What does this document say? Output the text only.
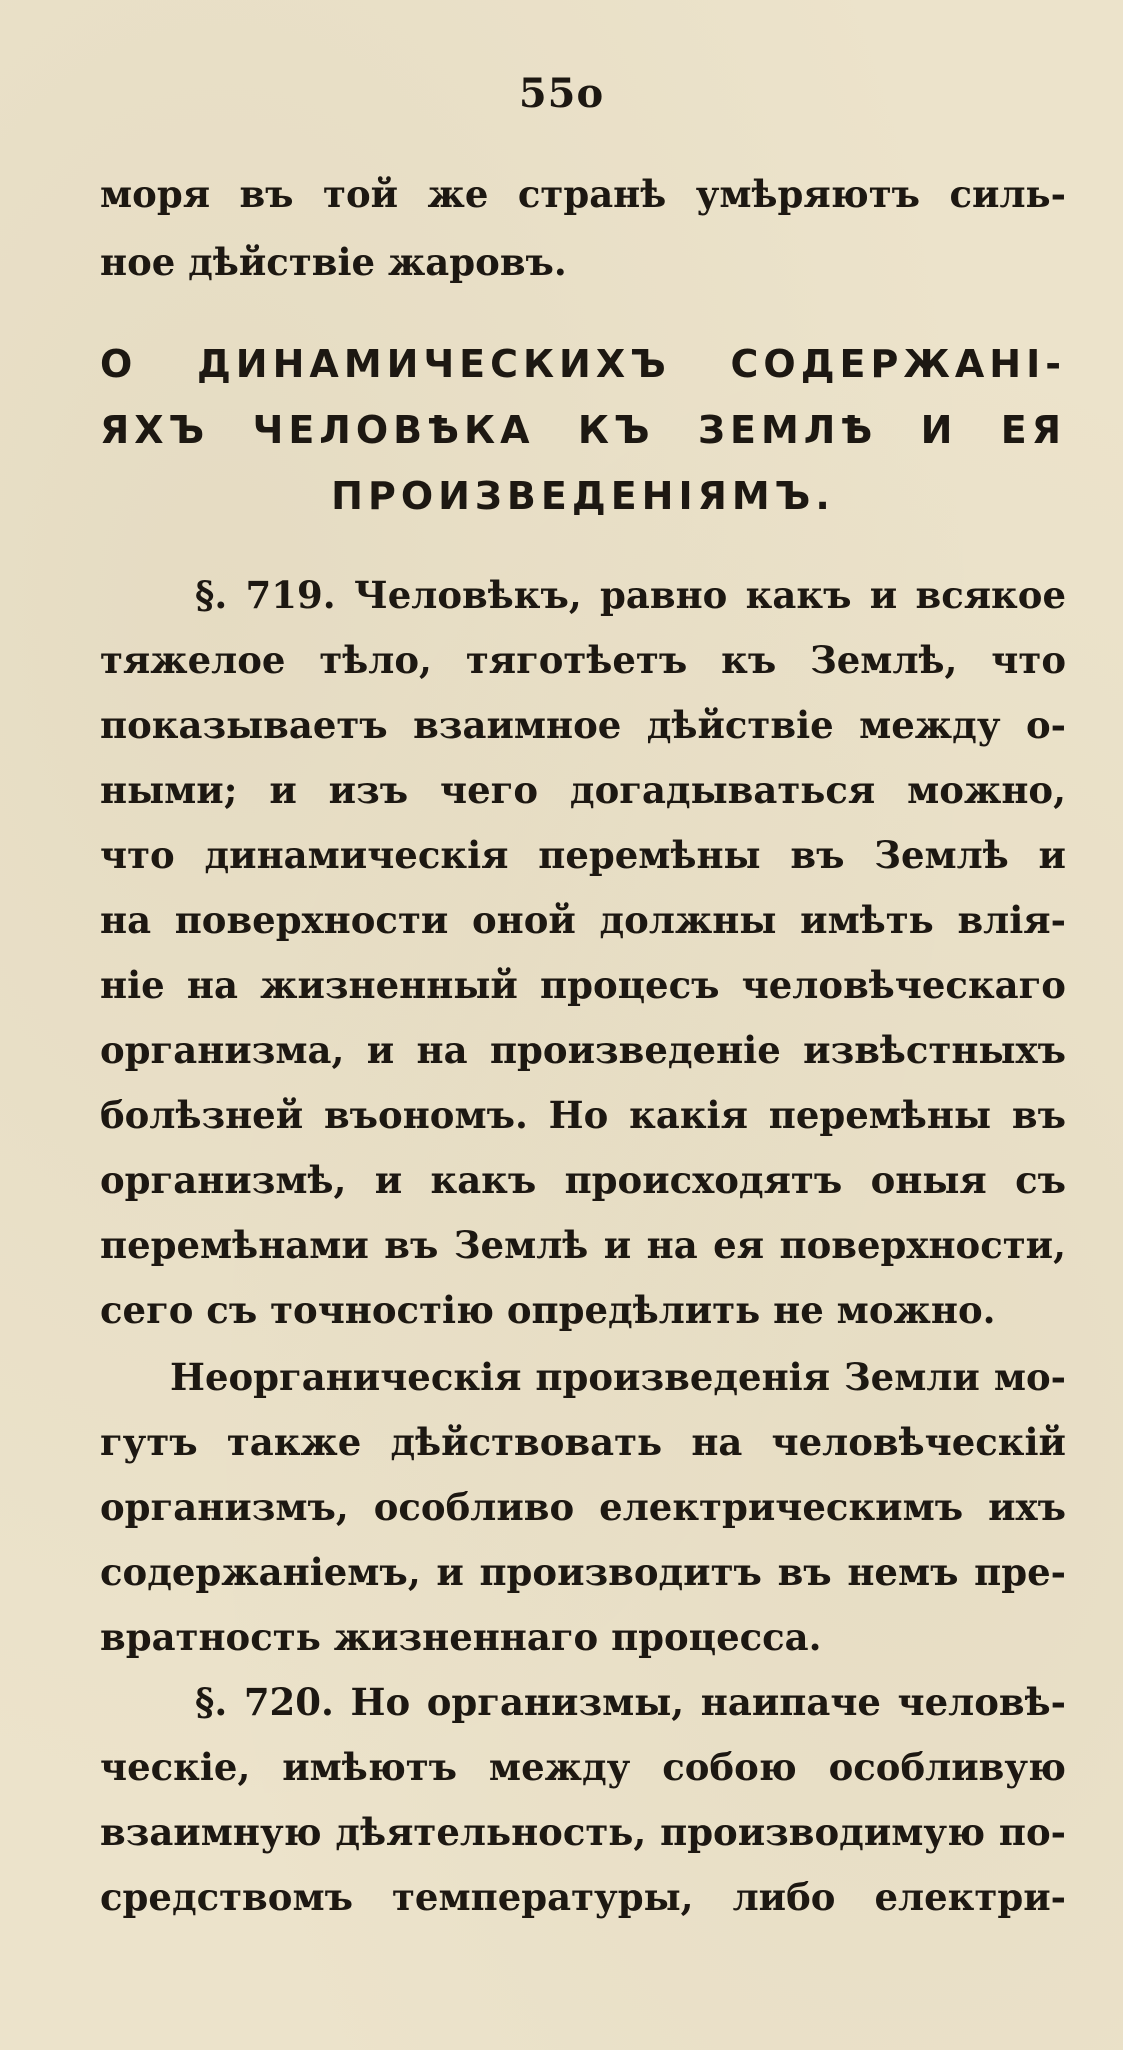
55o
моря въ той же странѣ умѣряютъ силь-
ное дѣйствiе жаровъ.
О ДИНАМИЧЕСКИХЪ СОДЕРЖАНI-
ЯХЪ ЧЕЛОВѢКА КЪ ЗЕМЛѢ И ЕЯ
ПРОИЗВЕДЕНIЯМЪ.
§. 719. Человѣкъ, равно какъ и всякое
тяжелое тѣло, тяготѣетъ къ Землѣ, что
показываетъ взаимное дѣйствiе между о-
ными; и изъ чего догадываться можно,
что динамическiя перемѣны въ Землѣ и
на поверхности оной должны имѣть влiя-
нiе на жизненный процесъ человѣческаго
организма, и на произведенiе извѣстныхъ
болѣзней въономъ. Но какiя перемѣны въ
организмѣ, и какъ происходятъ оныя съ
перемѣнами въ Землѣ и на ея поверхности,
сего съ точностiю опредѣлить не можно.
Неорганическiя произведенiя Земли мо-
гутъ также дѣйствовать на человѣческiй
организмъ, особливо електрическимъ ихъ
содержанiемъ, и производитъ въ немъ пре-
вратность жизненнаго процесса.
§. 720. Но организмы, наипаче человѣ-
ческiе, имѣютъ между собою особливую
взаимную дѣятельность, производимую по-
средствомъ температуры, либо електри-
